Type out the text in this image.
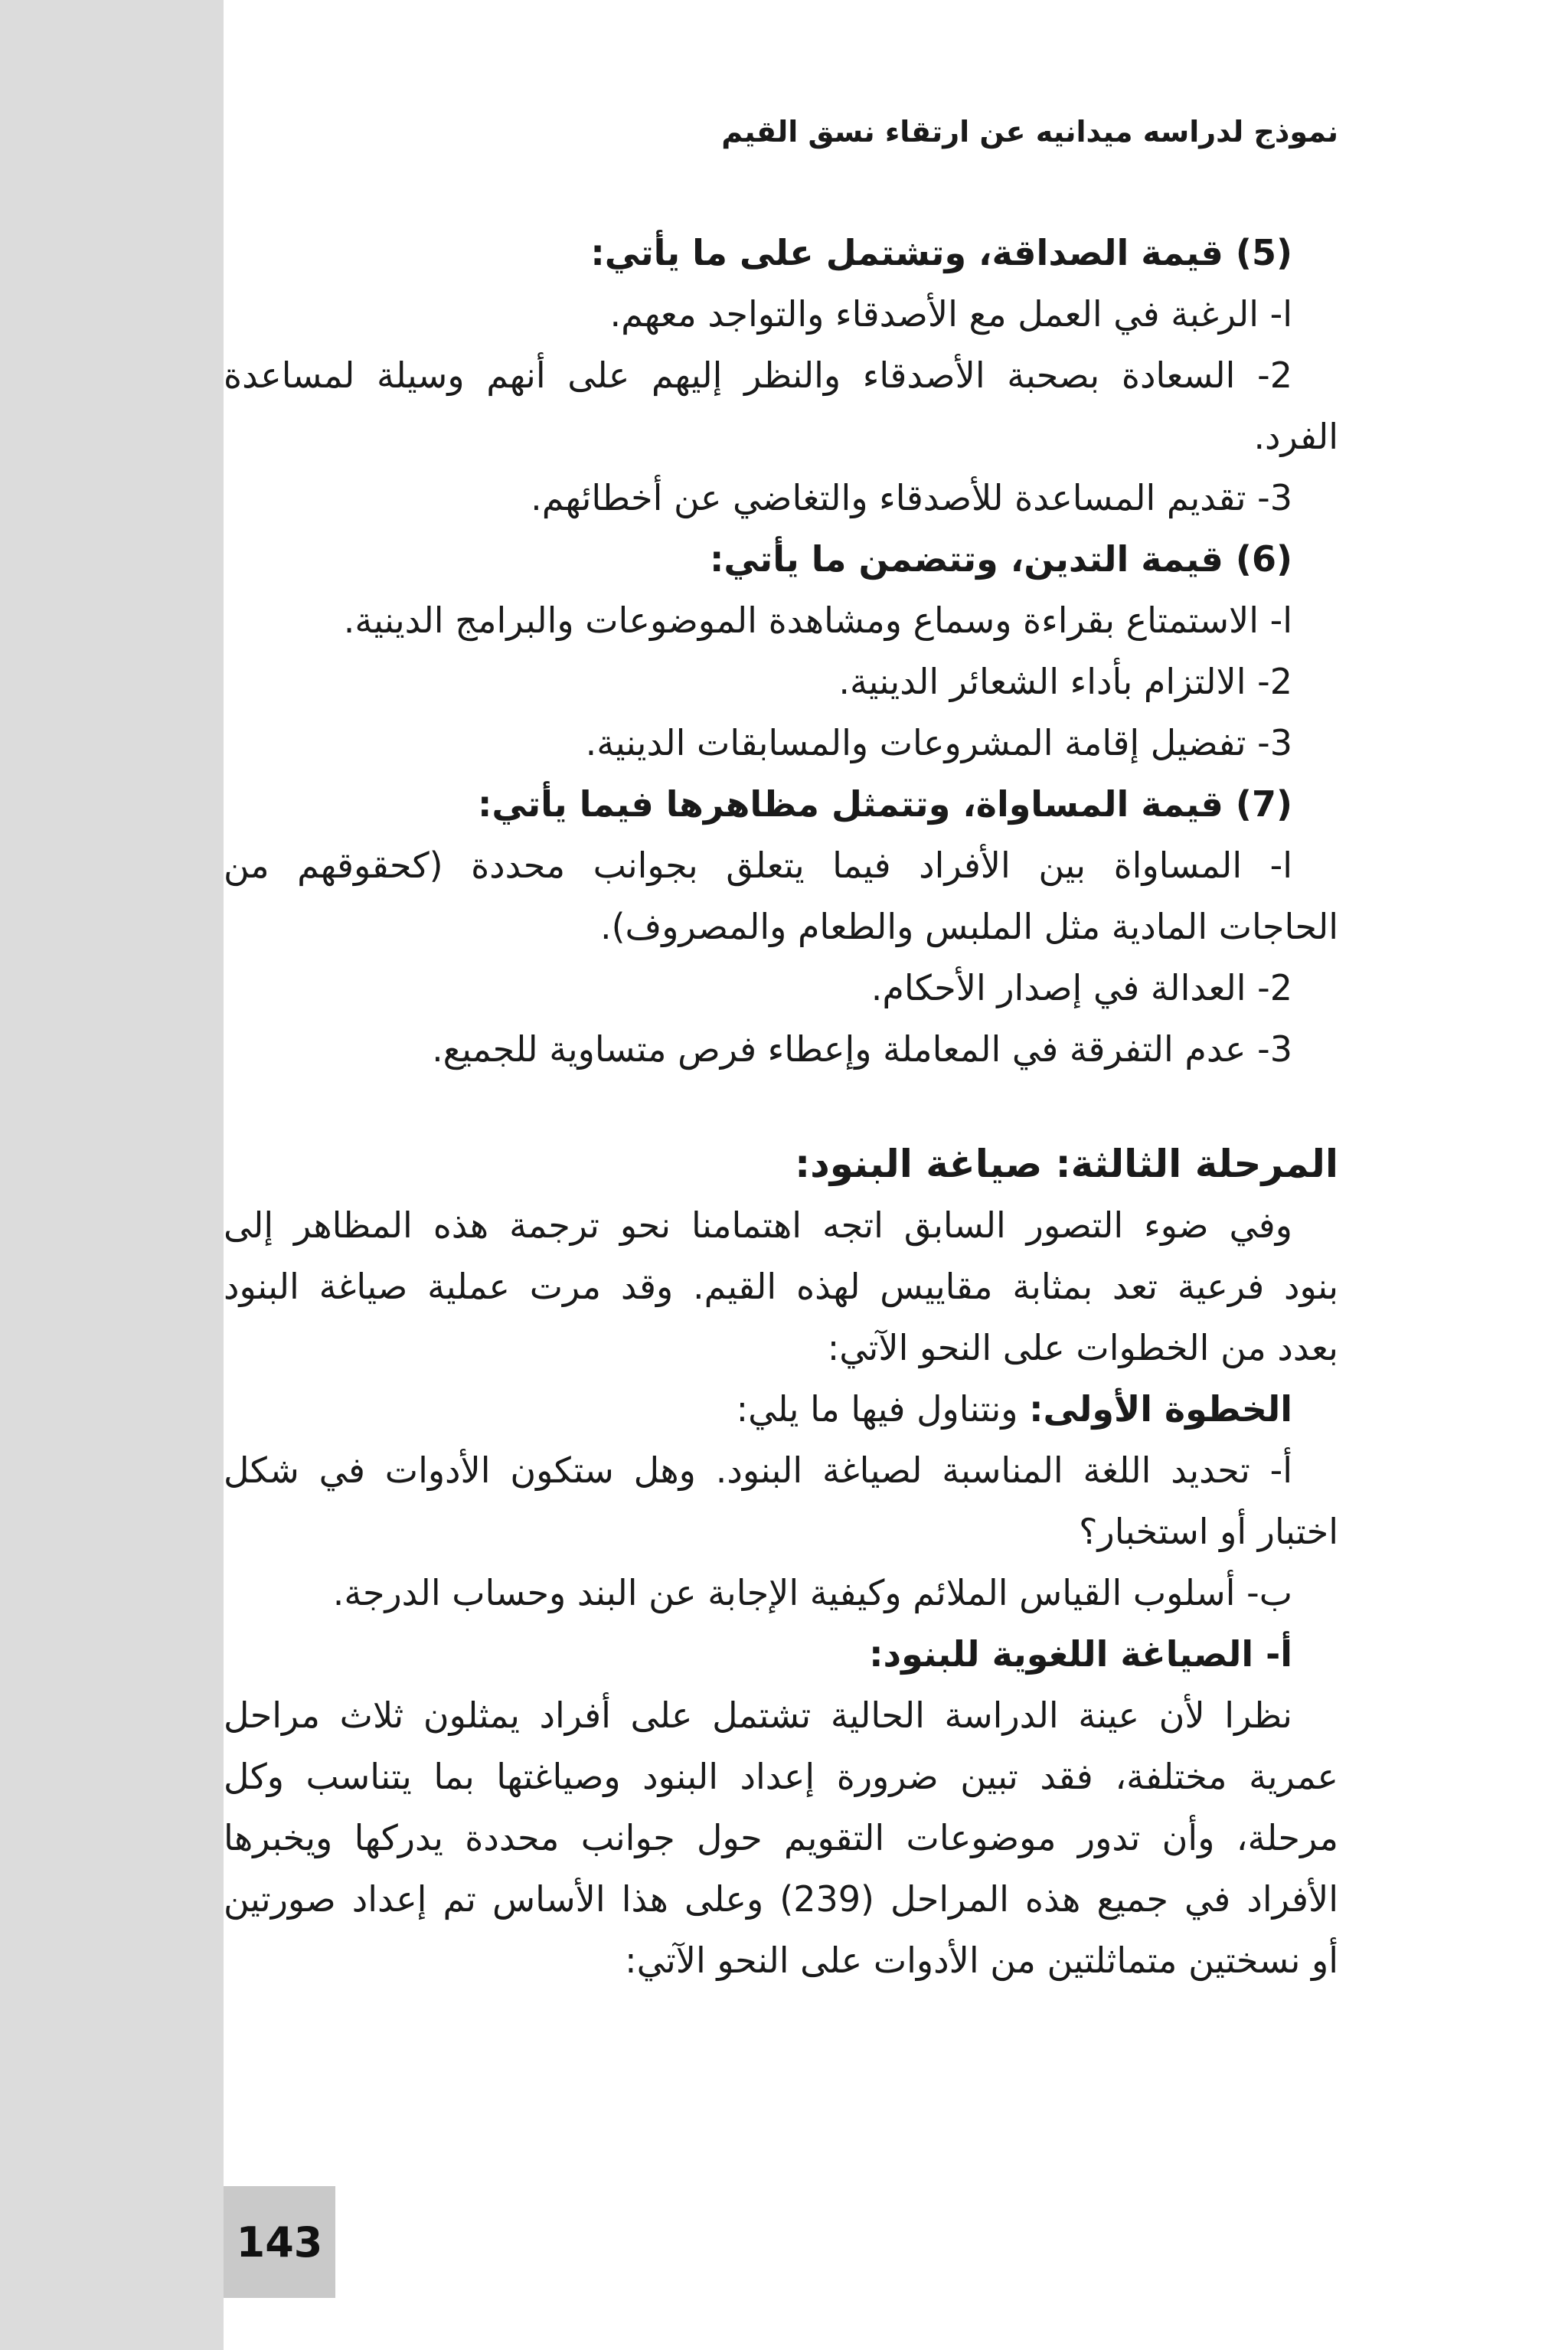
نموذج لدراسه ميدانيه عن ارتقاء نسق القيم
(5) قيمة الصداقة، وتشتمل على ما يأتي:
ا- الرغبة في العمل مع الأصدقاء والتواجد معهم.
2- السعادة بصحبة الأصدقاء والنظر إليهم على أنهم وسيلة لمساعدة
الفرد.
3- تقديم المساعدة للأصدقاء والتغاضي عن أخطائهم.
(6) قيمة التدين، وتتضمن ما يأتي:
ا- الاستمتاع بقراءة وسماع ومشاهدة الموضوعات والبرامج الدينية.
2- الالتزام بأداء الشعائر الدينية.
3- تفضيل إقامة المشروعات والمسابقات الدينية.
(7) قيمة المساواة، وتتمثل مظاهرها فيما يأتي:
ا- المساواة بين الأفراد فيما يتعلق بجوانب محددة (كحقوقهم من
الحاجات المادية مثل الملبس والطعام والمصروف).
2- العدالة في إصدار الأحكام.
3- عدم التفرقة في المعاملة وإعطاء فرص متساوية للجميع.
المرحلة الثالثة: صياغة البنود:
وفي ضوء التصور السابق اتجه اهتمامنا نحو ترجمة هذه المظاهر إلى
بنود فرعية تعد بمثابة مقاييس لهذه القيم. وقد مرت عملية صياغة البنود
بعدد من الخطوات على النحو الآتي:
الخطوة الأولى: ونتناول فيها ما يلي:
أ- تحديد اللغة المناسبة لصياغة البنود. وهل ستكون الأدوات في شكل
اختبار أو استخبار؟
ب- أسلوب القياس الملائم وكيفية الإجابة عن البند وحساب الدرجة.
أ- الصياغة اللغوية للبنود:
نظرا لأن عينة الدراسة الحالية تشتمل على أفراد يمثلون ثلاث مراحل
عمرية مختلفة، فقد تبين ضرورة إعداد البنود وصياغتها بما يتناسب وكل
مرحلة، وأن تدور موضوعات التقويم حول جوانب محددة يدركها ويخبرها
الأفراد في جميع هذه المراحل (239) وعلى هذا الأساس تم إعداد صورتين
أو نسختين متماثلتين من الأدوات على النحو الآتي:
143
